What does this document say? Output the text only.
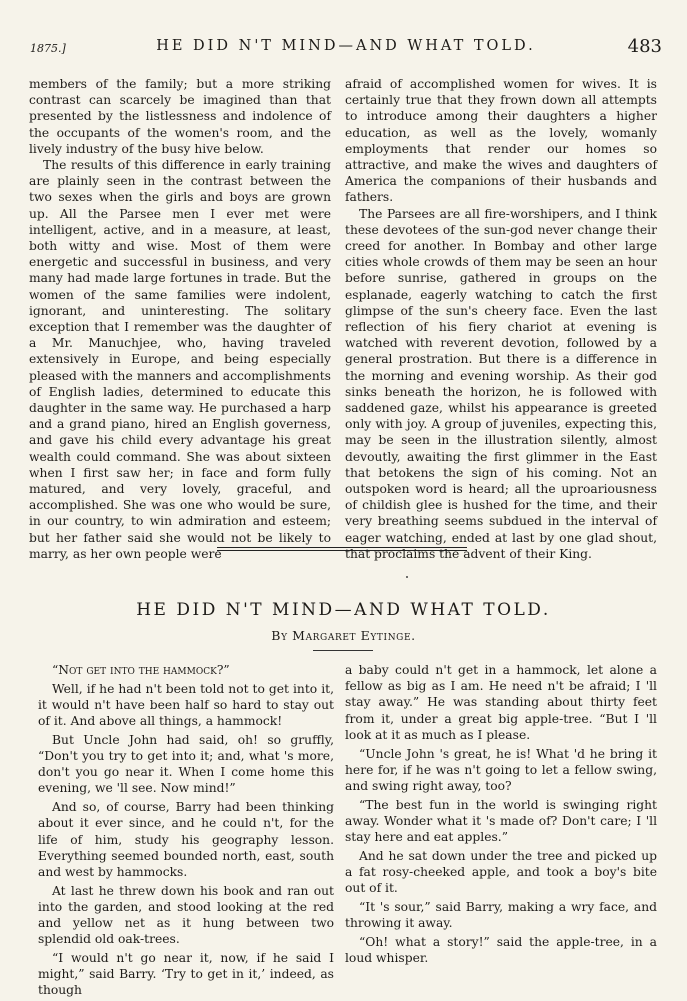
1875.]	HE DID N'T MIND—AND WHAT TOLD.	483

members of the family; but a more striking contrast can scarcely be imagined than that presented by the listlessness and indolence of the occupants of the women's room, and the lively industry of the busy hive below.

The results of this difference in early training are plainly seen in the contrast between the two sexes when the girls and boys are grown up. All the Parsee men I ever met were intelligent, active, and in a measure, at least, both witty and wise. Most of them were energetic and successful in business, and very many had made large fortunes in trade. But the women of the same families were indolent, ignorant, and uninteresting. The solitary exception that I remember was the daughter of a Mr. Manuchjee, who, having traveled extensively in Europe, and being especially pleased with the manners and accomplishments of English ladies, determined to educate this daughter in the same way. He purchased a harp and a grand piano, hired an English governess, and gave his child every advantage his great wealth could command. She was about sixteen when I first saw her; in face and form fully matured, and very lovely, graceful, and accomplished. She was one who would be sure, in our country, to win admiration and esteem; but her father said she would not be likely to marry, as her own people were

afraid of accomplished women for wives. It is certainly true that they frown down all attempts to introduce among their daughters a higher education, as well as the lovely, womanly employments that render our homes so attractive, and make the wives and daughters of America the companions of their husbands and fathers.

The Parsees are all fire-worshipers, and I think these devotees of the sun-god never change their creed for another. In Bombay and other large cities whole crowds of them may be seen an hour before sunrise, gathered in groups on the esplanade, eagerly watching to catch the first glimpse of the sun's cheery face. Even the last reflection of his fiery chariot at evening is watched with reverent devotion, followed by a general prostration. But there is a difference in the morning and evening worship. As their god sinks beneath the horizon, he is followed with saddened gaze, whilst his appearance is greeted only with joy. A group of juveniles, expecting this, may be seen in the illustration silently, almost devoutly, awaiting the first glimmer in the East that betokens the sign of his coming. Not an outspoken word is heard; all the uproariousness of childish glee is hushed for the time, and their very breathing seems subdued in the interval of eager watching, ended at last by one glad shout, that proclaims the advent of their King.

HE DID N'T MIND—AND WHAT TOLD.
By Margaret Eytinge.

“Not get into the hammock?”

Well, if he had n't been told not to get into it, it would n't have been half so hard to stay out of it. And above all things, a hammock!

But Uncle John had said, oh! so gruffly, “Don't you try to get into it; and, what 's more, don't you go near it. When I come home this evening, we 'll see. Now mind!”

And so, of course, Barry had been thinking about it ever since, and he could n't, for the life of him, study his geography lesson. Everything seemed bounded north, east, south and west by hammocks.

At last he threw down his book and ran out into the garden, and stood looking at the red and yellow net as it hung between two splendid old oak-trees.

“I would n't go near it, now, if he said I might,” said Barry. ‘Try to get in it,’ indeed, as though

a baby could n't get in a hammock, let alone a fellow as big as I am. He need n't be afraid; I 'll stay away.” He was standing about thirty feet from it, under a great big apple-tree. “But I 'll look at it as much as I please.

“Uncle John 's great, he is! What 'd he bring it here for, if he was n't going to let a fellow swing, and swing right away, too?

“The best fun in the world is swinging right away. Wonder what it 's made of? Don't care; I 'll stay here and eat apples.”

And he sat down under the tree and picked up a fat rosy-cheeked apple, and took a boy's bite out of it.

“It 's sour,” said Barry, making a wry face, and throwing it away.

“Oh! what a story!” said the apple-tree, in a loud whisper.
